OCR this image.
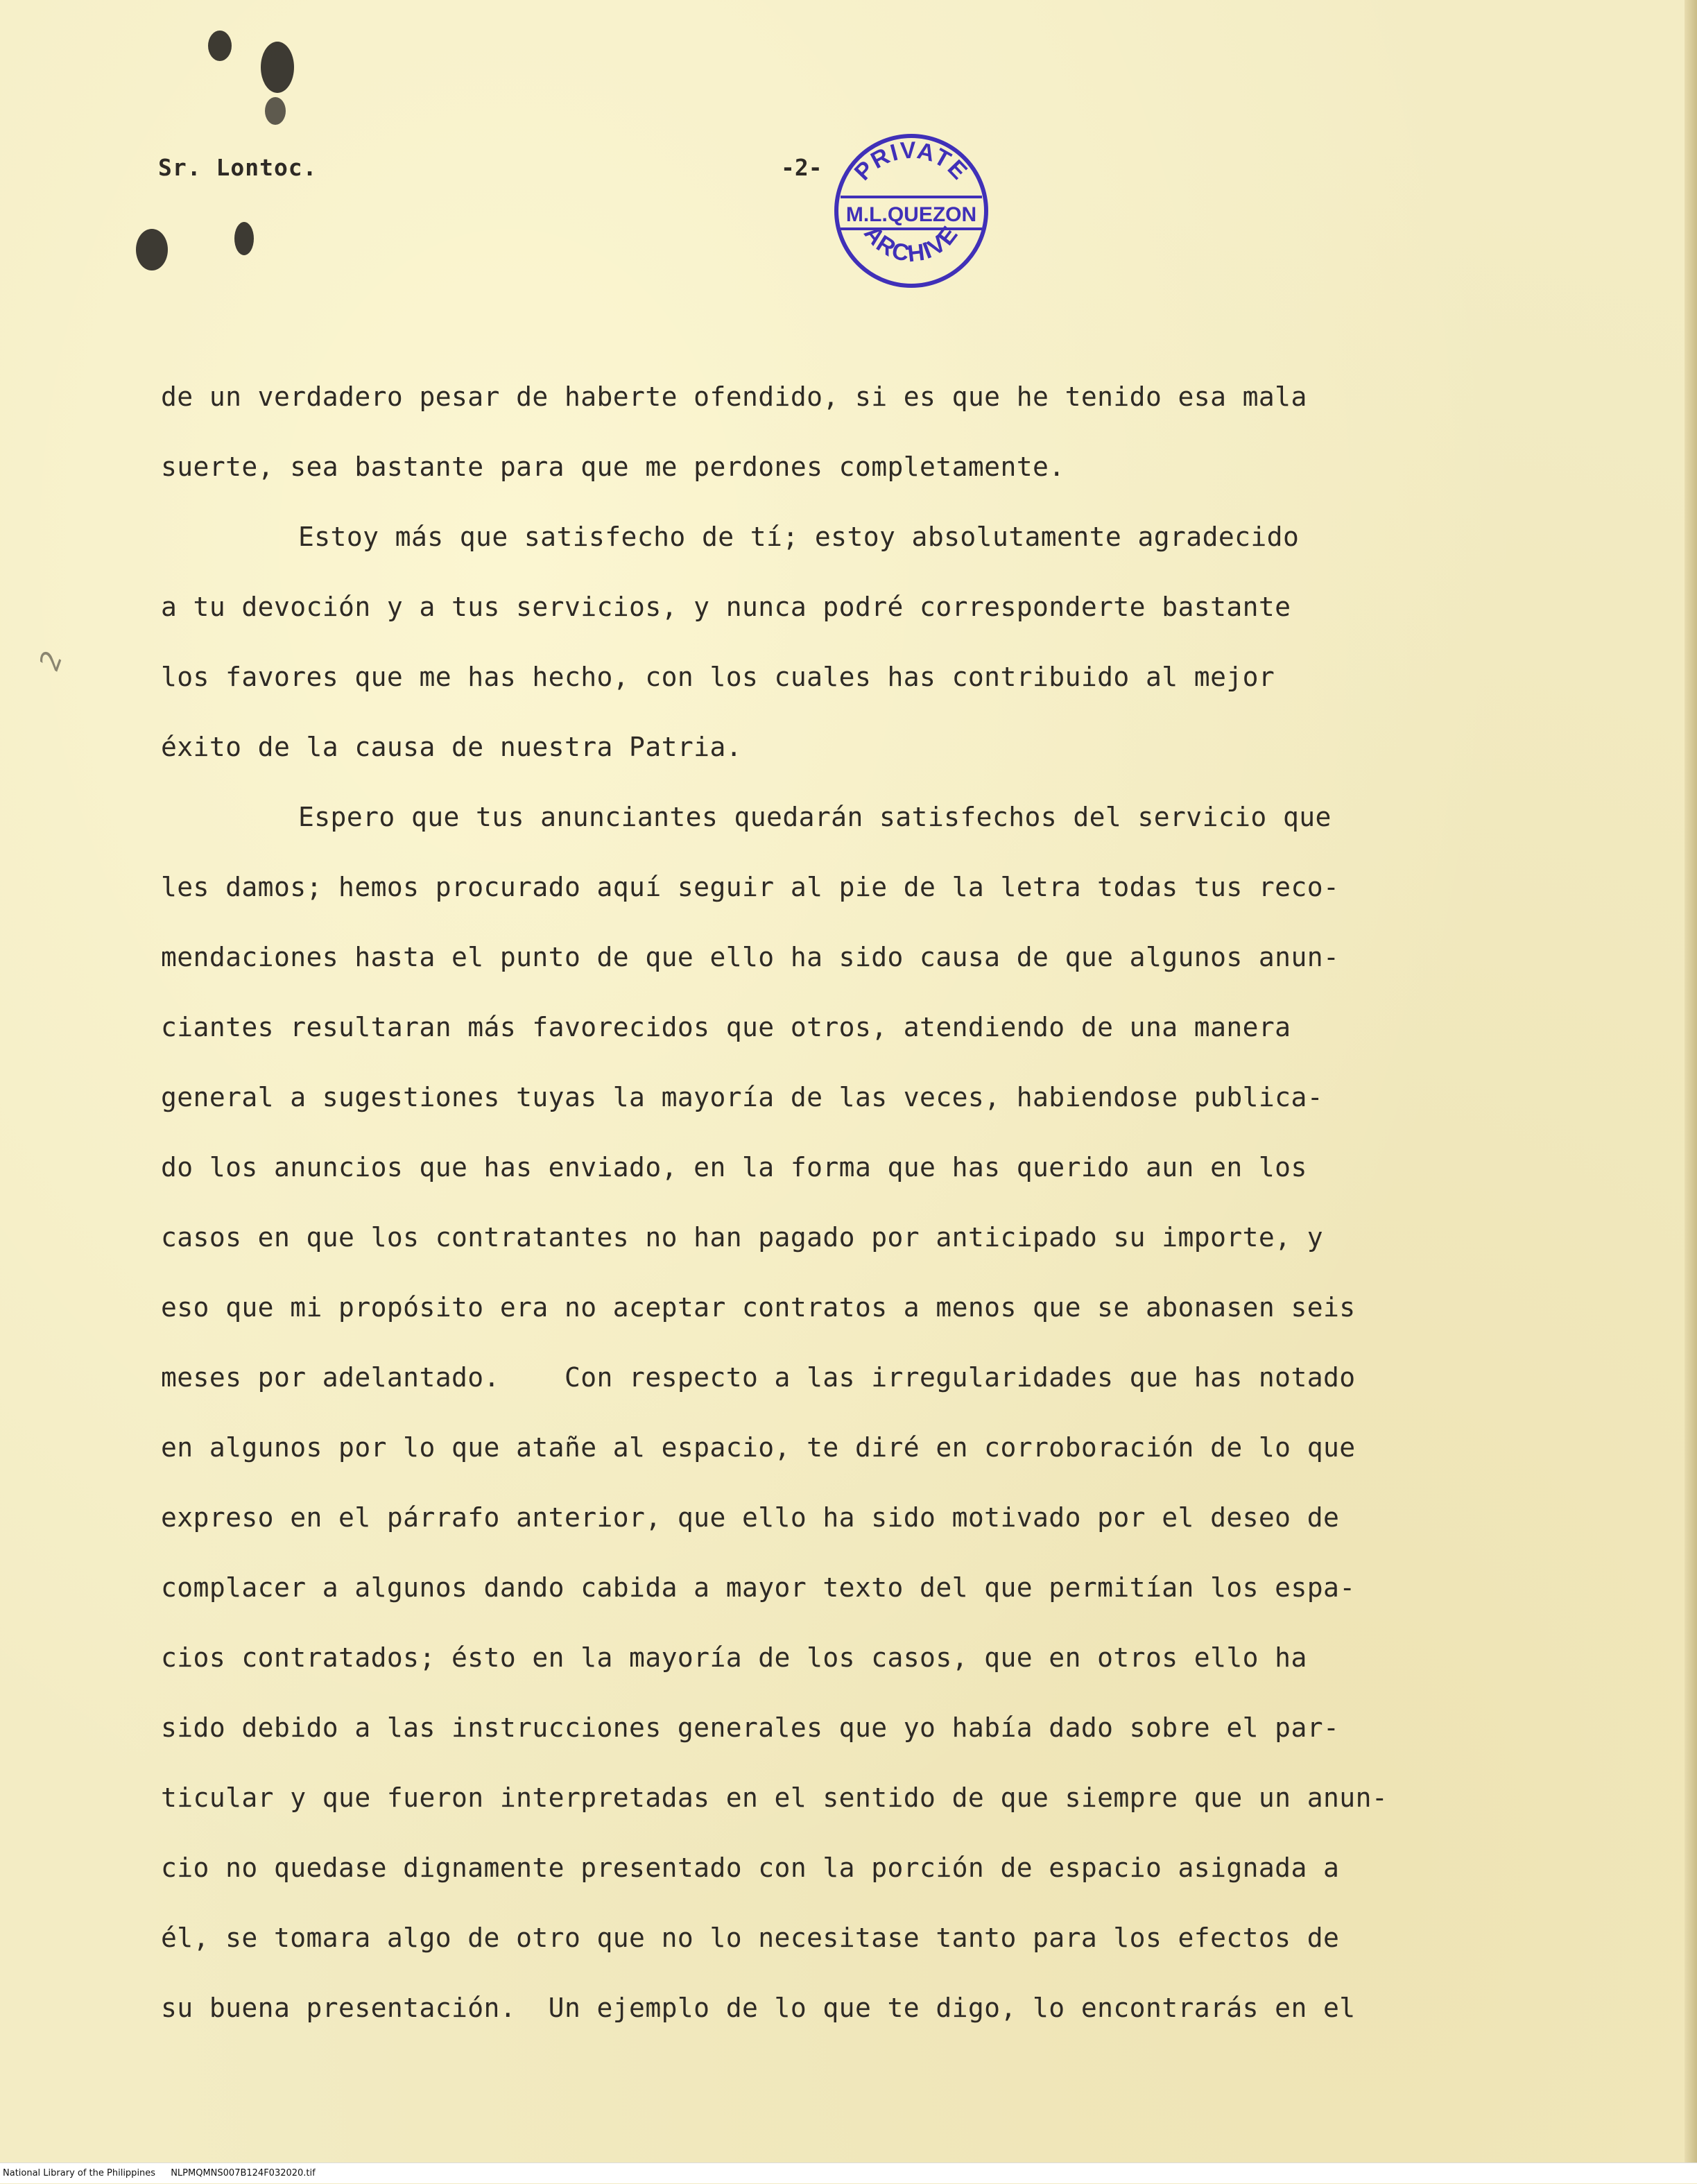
Sr. Lontoc.	-2- PRIVATE
M.L.QUEZON
ARCHIVE
2
de un verdadero pesar de haberte ofendido, si es que he tenido esa mala
suerte, sea bastante para que me perdones completamente.
Estoy más que satisfecho de tí; estoy absolutamente agradecido
a tu devoción y a tus servicios, y nunca podré corresponderte bastante
los favores que me has hecho, con los cuales has contribuido al mejor
éxito de la causa de nuestra Patria.
Espero que tus anunciantes quedarán satisfechos del servicio que
les damos; hemos procurado aquí seguir al pie de la letra todas tus reco-
mendaciones hasta el punto de que ello ha sido causa de que algunos anun-
ciantes resultaran más favorecidos que otros, atendiendo de una manera
general a sugestiones tuyas la mayoría de las veces, habiendose publica-
do los anuncios que has enviado, en la forma que has querido aun en los
casos en que los contratantes no han pagado por anticipado su importe, y
eso que mi propósito era no aceptar contratos a menos que se abonasen seis
meses por adelantado.    Con respecto a las irregularidades que has notado
en algunos por lo que atañe al espacio, te diré en corroboración de lo que
expreso en el párrafo anterior, que ello ha sido motivado por el deseo de
complacer a algunos dando cabida a mayor texto del que permitían los espa-
cios contratados; ésto en la mayoría de los casos, que en otros ello ha
sido debido a las instrucciones generales que yo había dado sobre el par-
ticular y que fueron interpretadas en el sentido de que siempre que un anun-
cio no quedase dignamente presentado con la porción de espacio asignada a
él, se tomara algo de otro que no lo necesitase tanto para los efectos de
su buena presentación.  Un ejemplo de lo que te digo, lo encontrarás en el
National Library of the Philippines NLPMQMNS007B124F032020.tif
